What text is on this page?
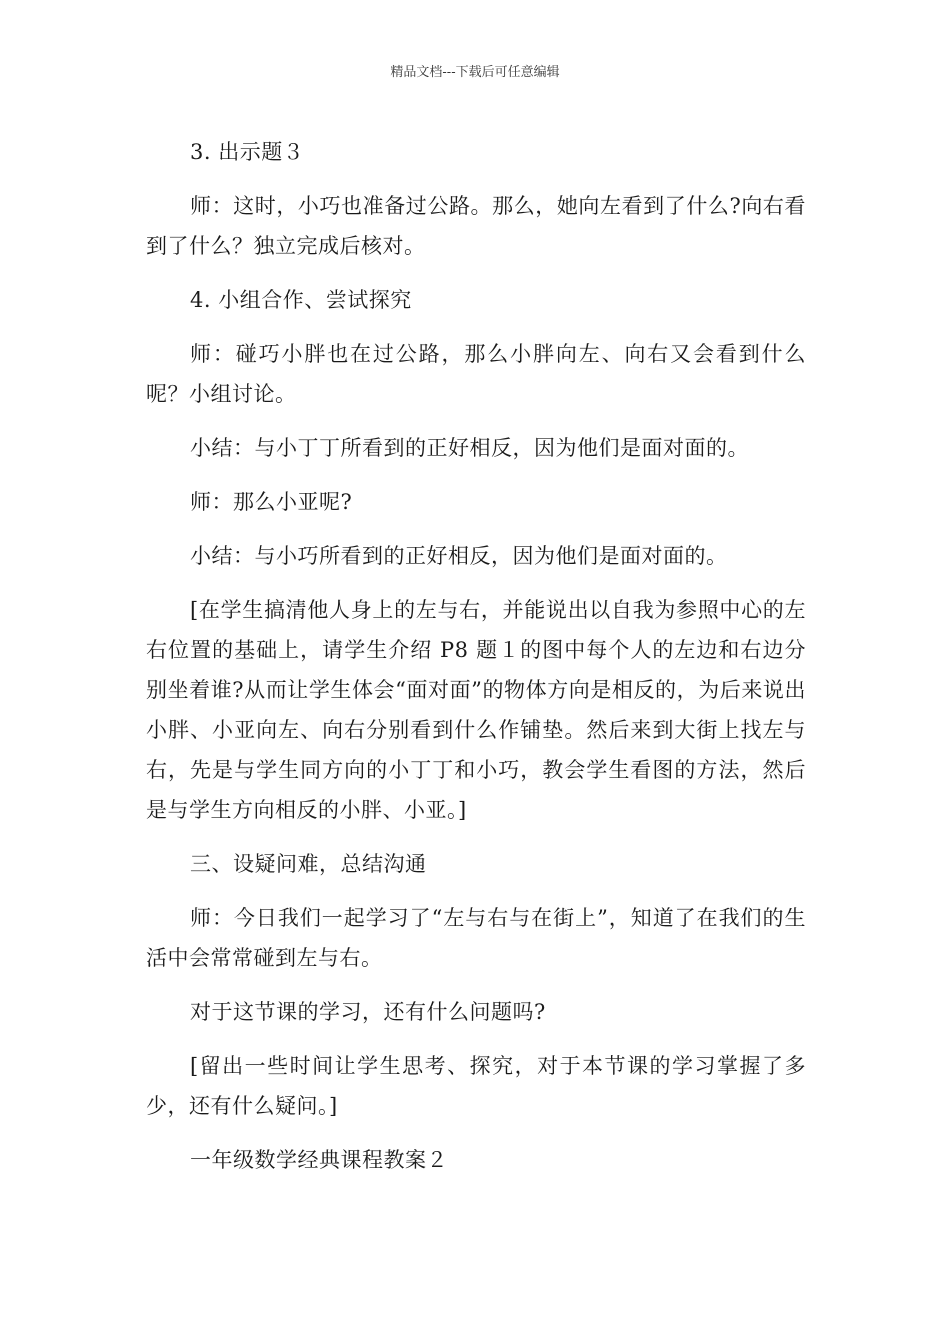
精品文档---下载后可任意编辑

3. 出示题３

师：这时，小巧也准备过公路。那么，她向左看到了什么?向右看到了什么？独立完成后核对。

4. 小组合作、尝试探究

师：碰巧小胖也在过公路，那么小胖向左、向右又会看到什么呢？小组讨论。

小结：与小丁丁所看到的正好相反，因为他们是面对面的。

师：那么小亚呢?

小结：与小巧所看到的正好相反，因为他们是面对面的。

[在学生搞清他人身上的左与右，并能说出以自我为参照中心的左右位置的基础上，请学生介绍 P8 题１的图中每个人的左边和右边分别坐着谁?从而让学生体会“面对面”的物体方向是相反的，为后来说出小胖、小亚向左、向右分别看到什么作铺垫。然后来到大街上找左与右，先是与学生同方向的小丁丁和小巧，教会学生看图的方法，然后是与学生方向相反的小胖、小亚。]

三、设疑问难，总结沟通

师：今日我们一起学习了“左与右与在街上”，知道了在我们的生活中会常常碰到左与右。

对于这节课的学习，还有什么问题吗?

[留出一些时间让学生思考、探究，对于本节课的学习掌握了多少，还有什么疑问。]

一年级数学经典课程教案２
